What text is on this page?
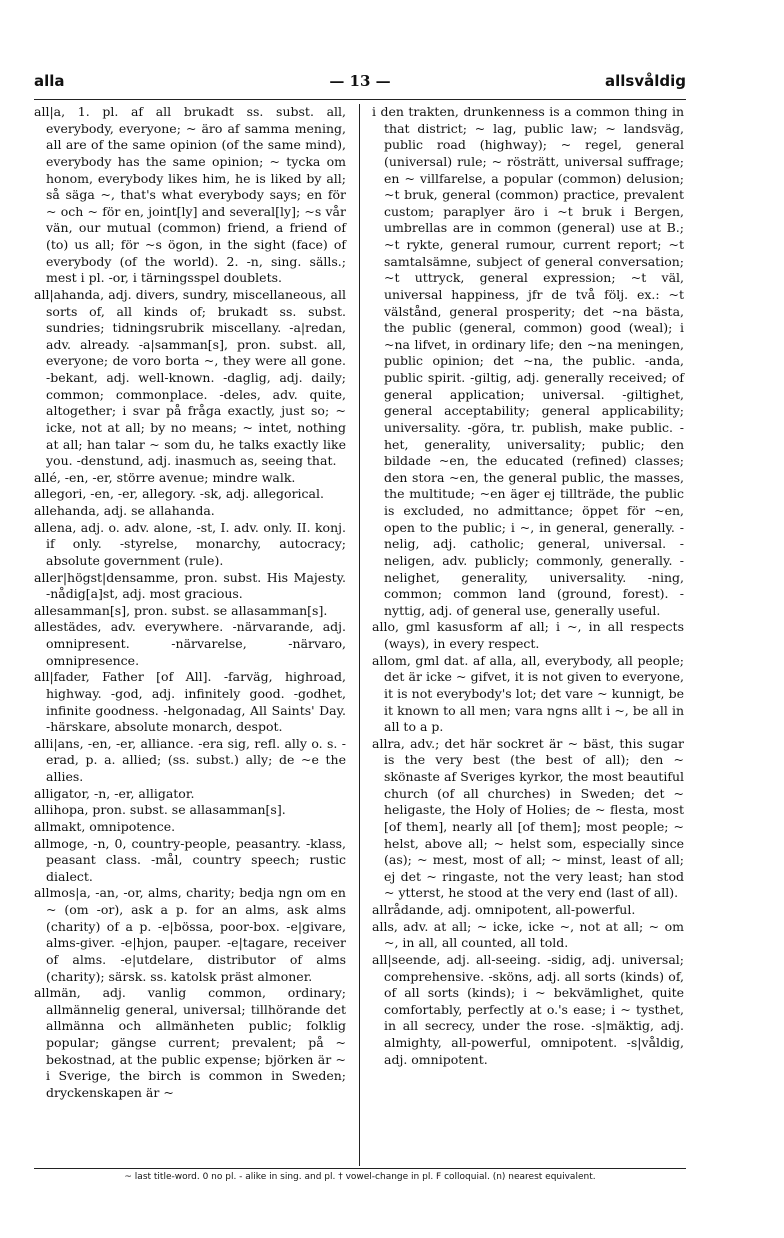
alla	— 13 —	allsvåldig

all|a, 1. pl. af all brukadt ss. subst. all, everybody, everyone; ~ äro af samma mening, all are of the same opinion (of the same mind), everybody has the same opinion; ~ tycka om honom, everybody likes him, he is liked by all; så säga ~, that's what everybody says; en för ~ och ~ för en, joint[ly] and several[ly]; ~s vår vän, our mutual (common) friend, a friend of (to) us all; för ~s ögon, in the sight (face) of everybody (of the world). 2. -n, sing. sälls.; mest i pl. -or, i tärningsspel doublets.

all|ahanda, adj. divers, sundry, miscellaneous, all sorts of, all kinds of; brukadt ss. subst. sundries; tidningsrubrik miscellany. -a|redan, adv. already. -a|samman[s], pron. subst. all, everyone; de voro borta ~, they were all gone. -bekant, adj. well-known. -daglig, adj. daily; common; commonplace. -deles, adv. quite, altogether; i svar på fråga exactly, just so; ~ icke, not at all; by no means; ~ intet, nothing at all; han talar ~ som du, he talks exactly like you. -denstund, adj. inasmuch as, seeing that.

allé, -en, -er, större avenue; mindre walk.

allegori, -en, -er, allegory. -sk, adj. allegorical.

allehanda, adj. se allahanda.

allena, adj. o. adv. alone, -st, I. adv. only. II. konj. if only. -styrelse, monarchy, autocracy; absolute government (rule).

aller|högst|densamme, pron. subst. His Majesty. -nådig[a]st, adj. most gracious.

allesamman[s], pron. subst. se allasamman[s].

allestädes, adv. everywhere. -närvarande, adj. omnipresent. -närvarelse, -närvaro, omnipresence.

all|fader, Father [of All]. -farväg, highroad, highway. -god, adj. infinitely good. -godhet, infinite goodness. -helgonadag, All Saints' Day. -härskare, absolute monarch, despot.

alli|ans, -en, -er, alliance. -era sig, refl. ally o. s. -erad, p. a. allied; (ss. subst.) ally; de ~e the allies.

alligator, -n, -er, alligator.

allihopa, pron. subst. se allasamman[s].

allmakt, omnipotence.

allmoge, -n, 0, country-people, peasantry. -klass, peasant class. -mål, country speech; rustic dialect.

allmos|a, -an, -or, alms, charity; bedja ngn om en ~ (om -or), ask a p. for an alms, ask alms (charity) of a p. -e|bössa, poor-box. -e|givare, alms-giver. -e|hjon, pauper. -e|tagare, receiver of alms. -e|utdelare, distributor of alms (charity); särsk. ss. katolsk präst almoner.

allmän, adj. vanlig common, ordinary; allmännelig general, universal; tillhörande det allmänna och allmänheten public; folklig popular; gängse current; prevalent; på ~ bekostnad, at the public expense; björken är ~ i Sverige, the birch is common in Sweden; dryckenskapen är ~

i den trakten, drunkenness is a common thing in that district; ~ lag, public law; ~ landsväg, public road (highway); ~ regel, general (universal) rule; ~ rösträtt, universal suffrage; en ~ villfarelse, a popular (common) delusion; ~t bruk, general (common) practice, prevalent custom; paraplyer äro i ~t bruk i Bergen, umbrellas are in common (general) use at B.; ~t rykte, general rumour, current report; ~t samtalsämne, subject of general conversation; ~t uttryck, general expression; ~t väl, universal happiness, jfr de två följ. ex.: ~t välstånd, general prosperity; det ~na bästa, the public (general, common) good (weal); i ~na lifvet, in ordinary life; den ~na meningen, public opinion; det ~na, the public. -anda, public spirit. -giltig, adj. generally received; of general application; universal. -giltighet, general acceptability; general applicability; universality. -göra, tr. publish, make public. -het, generality, universality; public; den bildade ~en, the educated (refined) classes; den stora ~en, the general public, the masses, the multitude; ~en äger ej tillträde, the public is excluded, no admittance; öppet för ~en, open to the public; i ~, in general, generally. -nelig, adj. catholic; general, universal. -neligen, adv. publicly; commonly, generally. -nelighet, generality, universality. -ning, common; common land (ground, forest). -nyttig, adj. of general use, generally useful.

allo, gml kasusform af all; i ~, in all respects (ways), in every respect.

allom, gml dat. af alla, all, everybody, all people; det är icke ~ gifvet, it is not given to everyone, it is not everybody's lot; det vare ~ kunnigt, be it known to all men; vara ngns allt i ~, be all in all to a p.

allra, adv.; det här sockret är ~ bäst, this sugar is the very best (the best of all); den ~ skönaste af Sveriges kyrkor, the most beautiful church (of all churches) in Sweden; det ~ heligaste, the Holy of Holies; de ~ flesta, most [of them], nearly all [of them]; most people; ~ helst, above all; ~ helst som, especially since (as); ~ mest, most of all; ~ minst, least of all; ej det ~ ringaste, not the very least; han stod ~ ytterst, he stood at the very end (last of all).

allrådande, adj. omnipotent, all-powerful.

alls, adv. at all; ~ icke, icke ~, not at all; ~ om ~, in all, all counted, all told.

all|seende, adj. all-seeing. -sidig, adj. universal; comprehensive. -sköns, adj. all sorts (kinds) of, of all sorts (kinds); i ~ bekvämlighet, quite comfortably, perfectly at o.'s ease; i ~ tysthet, in all secrecy, under the rose. -s|mäktig, adj. almighty, all-powerful, omnipotent. -s|våldig, adj. omnipotent.

~ last title-word. 0 no pl. - alike in sing. and pl. † vowel-change in pl. F colloquial. (n) nearest equivalent.
